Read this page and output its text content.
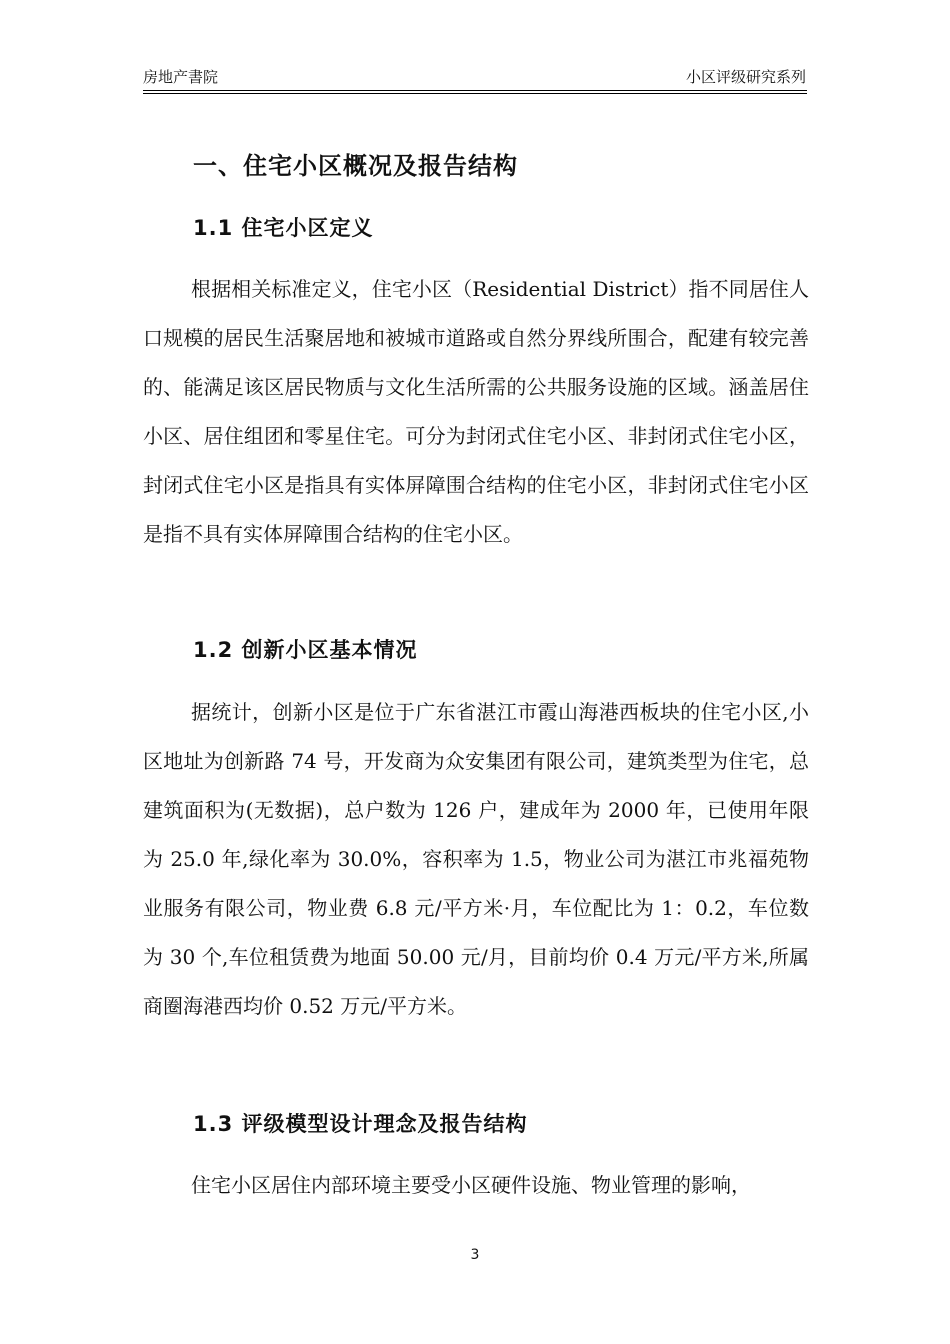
房地产書院	小区评级研究系列
一、住宅小区概况及报告结构
1.1 住宅小区定义

根据相关标准定义，住宅小区（Residential District）指不同居住人口规模的居民生活聚居地和被城市道路或自然分界线所围合，配建有较完善的、能满足该区居民物质与文化生活所需的公共服务设施的区域。涵盖居住小区、居住组团和零星住宅。可分为封闭式住宅小区、非封闭式住宅小区，封闭式住宅小区是指具有实体屏障围合结构的住宅小区，非封闭式住宅小区是指不具有实体屏障围合结构的住宅小区。

1.2 创新小区基本情况

据统计，创新小区是位于广东省湛江市霞山海港西板块的住宅小区,小区地址为创新路 74 号，开发商为众安集团有限公司，建筑类型为住宅，总建筑面积为(无数据)，总户数为 126 户，建成年为 2000 年，已使用年限为 25.0 年,绿化率为 30.0%，容积率为 1.5，物业公司为湛江市兆福苑物业服务有限公司，物业费 6.8 元/平方米·月，车位配比为 1：0.2，车位数为 30 个,车位租赁费为地面 50.00 元/月，目前均价 0.4 万元/平方米,所属商圈海港西均价 0.52 万元/平方米。

1.3 评级模型设计理念及报告结构

住宅小区居住内部环境主要受小区硬件设施、物业管理的影响，

3
